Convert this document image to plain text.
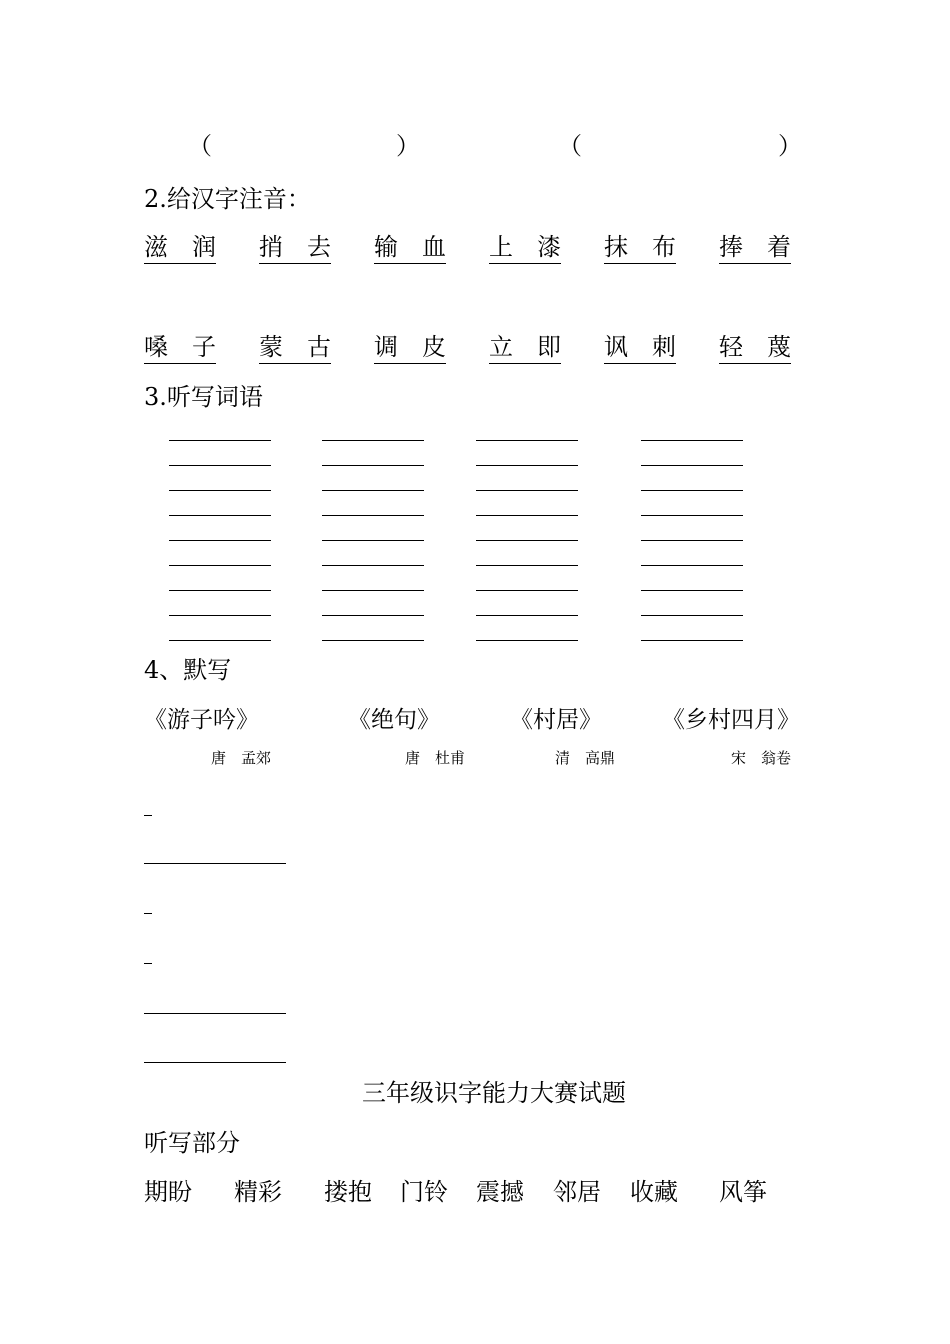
（	）	（	）
2.给汉字注音：
滋　润 捎　去 输　血 上　漆 抹　布 捧　着
嗓　子 蒙　古 调　皮 立　即 讽　刺 轻　蔑
3.听写词语
4、默写
《游子吟》	《绝句》	《村居》	《乡村四月》
唐　孟郊	唐　杜甫	清　高鼎	宋　翁卷
三年级识字能力大赛试题
听写部分
期盼 精彩 搂抱 门铃 震撼 邻居 收藏 风筝
